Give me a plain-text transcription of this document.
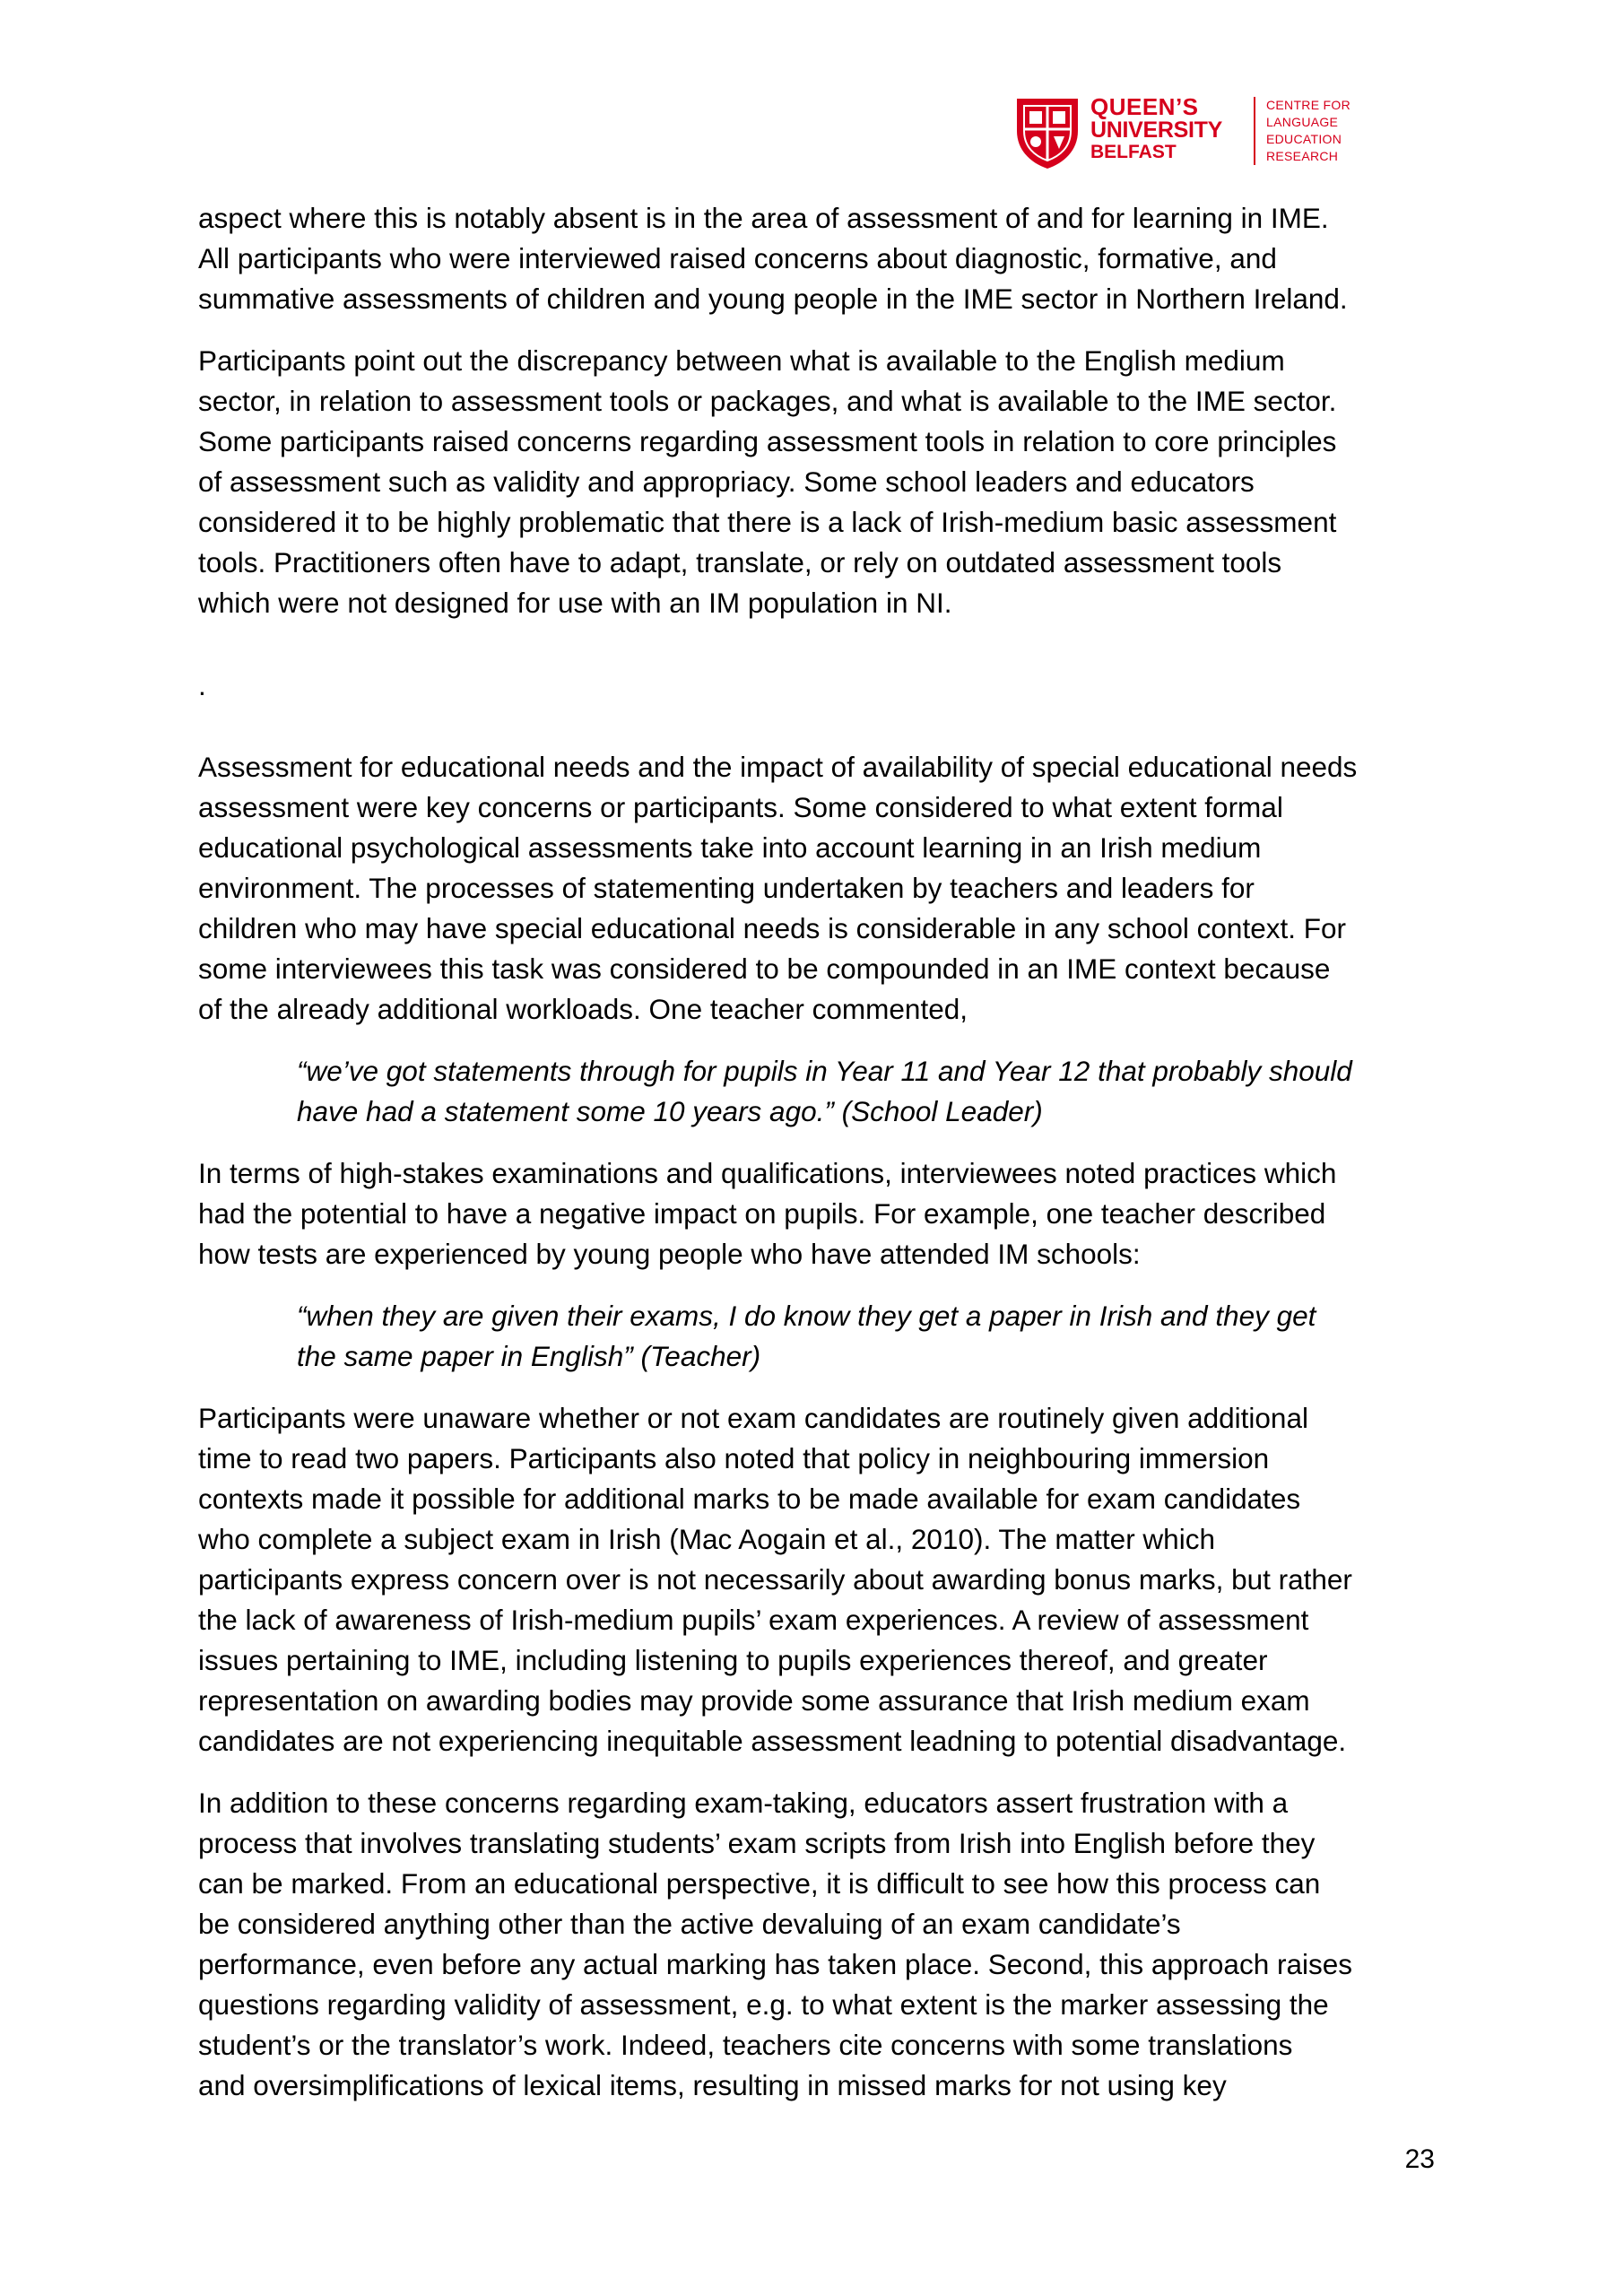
QUEEN’S
UNIVERSITY
BELFAST
CENTRE FOR
LANGUAGE
EDUCATION
RESEARCH

aspect where this is notably absent is in the area of assessment of and for learning in IME.
All participants who were interviewed raised concerns about diagnostic, formative, and
summative assessments of children and young people in the IME sector in Northern Ireland.

Participants point out the discrepancy between what is available to the English medium
sector, in relation to assessment tools or packages, and what is available to the IME sector.
Some participants raised concerns regarding assessment tools in relation to core principles
of assessment such as validity and appropriacy. Some school leaders and educators
considered it to be highly problematic that there is a lack of Irish-medium basic assessment
tools. Practitioners often have to adapt, translate, or rely on outdated assessment tools
which were not designed for use with an IM population in NI.

.

Assessment for educational needs and the impact of availability of special educational needs
assessment were key concerns or participants. Some considered to what extent formal
educational psychological assessments take into account learning in an Irish medium
environment. The processes of statementing undertaken by teachers and leaders for
children who may have special educational needs is considerable in any school context. For
some interviewees this task was considered to be compounded in an IME context because
of the already additional workloads. One teacher commented,

“we’ve got statements through for pupils in Year 11 and Year 12 that probably should
have had a statement some 10 years ago.” (School Leader)

In terms of high-stakes examinations and qualifications, interviewees noted practices which
had the potential to have a negative impact on pupils. For example, one teacher described
how tests are experienced by young people who have attended IM schools:

“when they are given their exams, I do know they get a paper in Irish and they get
the same paper in English” (Teacher)

Participants were unaware whether or not exam candidates are routinely given additional
time to read two papers. Participants also noted that policy in neighbouring immersion
contexts made it possible for additional marks to be made available for exam candidates
who complete a subject exam in Irish (Mac Aogain et al., 2010). The matter which
participants express concern over is not necessarily about awarding bonus marks, but rather
the lack of awareness of Irish-medium pupils’ exam experiences. A review of assessment
issues pertaining to IME, including listening to pupils experiences thereof, and greater
representation on awarding bodies may provide some assurance that Irish medium exam
candidates are not experiencing inequitable assessment leadning to potential disadvantage.

In addition to these concerns regarding exam-taking, educators assert frustration with a
process that involves translating students’ exam scripts from Irish into English before they
can be marked. From an educational perspective, it is difficult to see how this process can
be considered anything other than the active devaluing of an exam candidate’s
performance, even before any actual marking has taken place. Second, this approach raises
questions regarding validity of assessment, e.g. to what extent is the marker assessing the
student’s or the translator’s work. Indeed, teachers cite concerns with some translations
and oversimplifications of lexical items, resulting in missed marks for not using key

23
